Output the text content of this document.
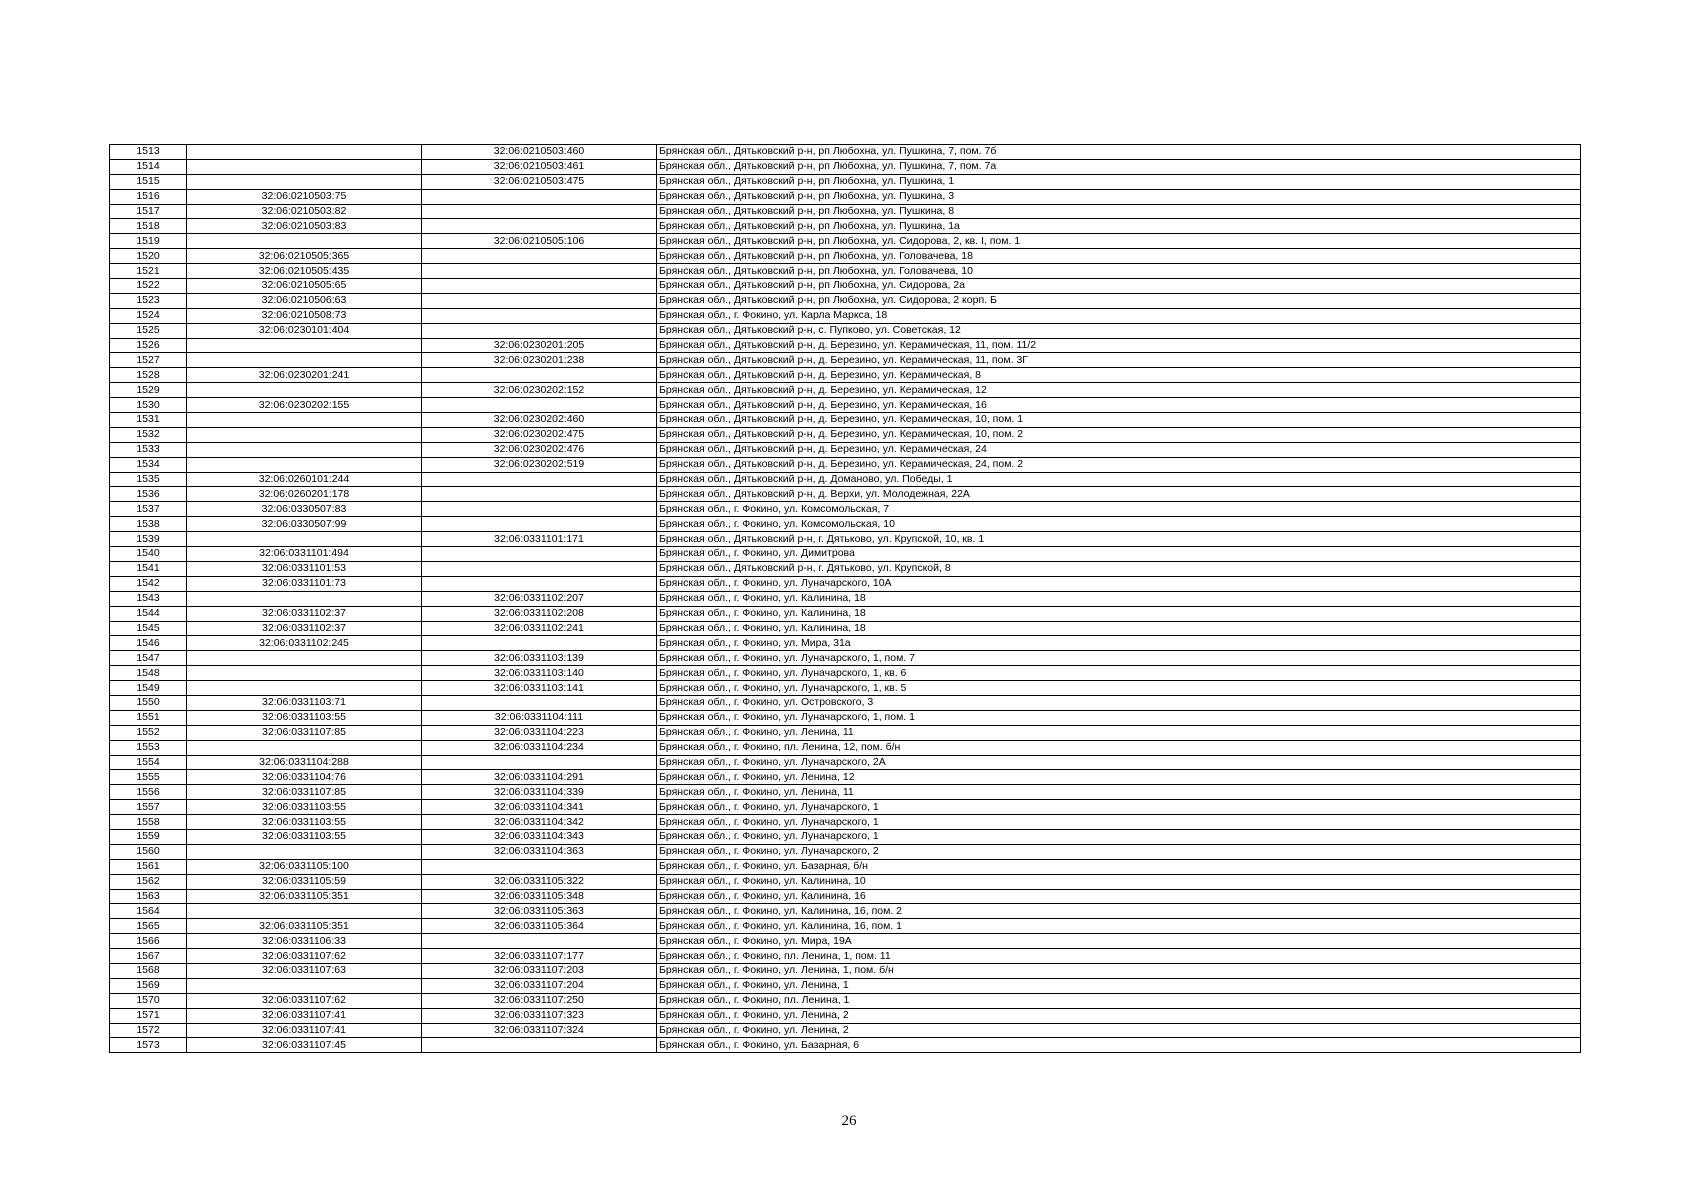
1513		32:06:0210503:460	Брянская обл., Дятьковский р-н, рп Любохна, ул. Пушкина, 7, пом. 7б
1514		32:06:0210503:461	Брянская обл., Дятьковский р-н, рп Любохна, ул. Пушкина, 7, пом. 7а
1515		32:06:0210503:475	Брянская обл., Дятьковский р-н, рп Любохна, ул. Пушкина, 1
1516	32:06:0210503:75		Брянская обл., Дятьковский р-н, рп Любохна, ул. Пушкина, 3
1517	32:06:0210503:82		Брянская обл., Дятьковский р-н, рп Любохна, ул. Пушкина, 8
1518	32:06:0210503:83		Брянская обл., Дятьковский р-н, рп Любохна, ул. Пушкина, 1а
1519		32:06:0210505:106	Брянская обл., Дятьковский р-н, рп Любохна, ул. Сидорова, 2, кв. I, пом. 1
1520	32:06:0210505:365		Брянская обл., Дятьковский р-н, рп Любохна, ул. Головачева, 18
1521	32:06:0210505:435		Брянская обл., Дятьковский р-н, рп Любохна, ул. Головачева, 10
1522	32:06:0210505:65		Брянская обл., Дятьковский р-н, рп Любохна, ул. Сидорова, 2а
1523	32:06:0210506:63		Брянская обл., Дятьковский р-н, рп Любохна, ул. Сидорова, 2 корп. Б
1524	32:06:0210508:73		Брянская обл., г. Фокино, ул. Карла Маркса, 18
1525	32:06:0230101:404		Брянская обл., Дятьковский р-н, с. Пупково, ул. Советская, 12
1526		32:06:0230201:205	Брянская обл., Дятьковский р-н, д. Березино, ул. Керамическая, 11, пом. 11/2
1527		32:06:0230201:238	Брянская обл., Дятьковский р-н, д. Березино, ул. Керамическая, 11, пом. 3Г
1528	32:06:0230201:241		Брянская обл., Дятьковский р-н, д. Березино, ул. Керамическая, 8
1529		32:06:0230202:152	Брянская обл., Дятьковский р-н, д. Березино, ул. Керамическая, 12
1530	32:06:0230202:155		Брянская обл., Дятьковский р-н, д. Березино, ул. Керамическая, 16
1531		32:06:0230202:460	Брянская обл., Дятьковский р-н, д. Березино, ул. Керамическая, 10, пом. 1
1532		32:06:0230202:475	Брянская обл., Дятьковский р-н, д. Березино, ул. Керамическая, 10, пом. 2
1533		32:06:0230202:476	Брянская обл., Дятьковский р-н, д. Березино, ул. Керамическая, 24
1534		32:06:0230202:519	Брянская обл., Дятьковский р-н, д. Березино, ул. Керамическая, 24, пом. 2
1535	32:06:0260101:244		Брянская обл., Дятьковский р-н, д. Доманово, ул. Победы, 1
1536	32:06:0260201:178		Брянская обл., Дятьковский р-н, д. Верхи, ул. Молодежная, 22А
1537	32:06:0330507:83		Брянская обл., г. Фокино, ул. Комсомольская, 7
1538	32:06:0330507:99		Брянская обл., г. Фокино, ул. Комсомольская, 10
1539		32:06:0331101:171	Брянская обл., Дятьковский р-н, г. Дятьково, ул. Крупской, 10, кв. 1
1540	32:06:0331101:494		Брянская обл., г. Фокино, ул. Димитрова
1541	32:06:0331101:53		Брянская обл., Дятьковский р-н, г. Дятьково, ул. Крупской, 8
1542	32:06:0331101:73		Брянская обл., г. Фокино, ул. Луначарского, 10А
1543		32:06:0331102:207	Брянская обл., г. Фокино, ул. Калинина, 18
1544	32:06:0331102:37	32:06:0331102:208	Брянская обл., г. Фокино, ул. Калинина, 18
1545	32:06:0331102:37	32:06:0331102:241	Брянская обл., г. Фокино, ул. Калинина, 18
1546	32:06:0331102:245		Брянская обл., г. Фокино, ул. Мира, 31а
1547		32:06:0331103:139	Брянская обл., г. Фокино, ул. Луначарского, 1, пом. 7
1548		32:06:0331103:140	Брянская обл., г. Фокино, ул. Луначарского, 1, кв. 6
1549		32:06:0331103:141	Брянская обл., г. Фокино, ул. Луначарского, 1, кв. 5
1550	32:06:0331103:71		Брянская обл., г. Фокино, ул. Островского, 3
1551	32:06:0331103:55	32:06:0331104:111	Брянская обл., г. Фокино, ул. Луначарского, 1, пом. 1
1552	32:06:0331107:85	32:06:0331104:223	Брянская обл., г. Фокино, ул. Ленина, 11
1553		32:06:0331104:234	Брянская обл., г. Фокино, пл. Ленина, 12, пом. б/н
1554	32:06:0331104:288		Брянская обл., г. Фокино, ул. Луначарского, 2А
1555	32:06:0331104:76	32:06:0331104:291	Брянская обл., г. Фокино, ул. Ленина, 12
1556	32:06:0331107:85	32:06:0331104:339	Брянская обл., г. Фокино, ул. Ленина, 11
1557	32:06:0331103:55	32:06:0331104:341	Брянская обл., г. Фокино, ул. Луначарского, 1
1558	32:06:0331103:55	32:06:0331104:342	Брянская обл., г. Фокино, ул. Луначарского, 1
1559	32:06:0331103:55	32:06:0331104:343	Брянская обл., г. Фокино, ул. Луначарского, 1
1560		32:06:0331104:363	Брянская обл., г. Фокино, ул. Луначарского, 2
1561	32:06:0331105:100		Брянская обл., г. Фокино, ул. Базарная, б/н
1562	32:06:0331105:59	32:06:0331105:322	Брянская обл., г. Фокино, ул. Калинина, 10
1563	32:06:0331105:351	32:06:0331105:348	Брянская обл., г. Фокино, ул. Калинина, 16
1564		32:06:0331105:363	Брянская обл., г. Фокино, ул. Калинина, 16, пом. 2
1565	32:06:0331105:351	32:06:0331105:364	Брянская обл., г. Фокино, ул. Калинина, 16, пом. 1
1566	32:06:0331106:33		Брянская обл., г. Фокино, ул. Мира, 19А
1567	32:06:0331107:62	32:06:0331107:177	Брянская обл., г. Фокино, пл. Ленина, 1, пом. 11
1568	32:06:0331107:63	32:06:0331107:203	Брянская обл., г. Фокино, ул. Ленина, 1, пом. б/н
1569		32:06:0331107:204	Брянская обл., г. Фокино, ул. Ленина, 1
1570	32:06:0331107:62	32:06:0331107:250	Брянская обл., г. Фокино, пл. Ленина, 1
1571	32:06:0331107:41	32:06:0331107:323	Брянская обл., г. Фокино, ул. Ленина, 2
1572	32:06:0331107:41	32:06:0331107:324	Брянская обл., г. Фокино, ул. Ленина, 2
1573	32:06:0331107:45		Брянская обл., г. Фокино, ул. Базарная, 6
26
